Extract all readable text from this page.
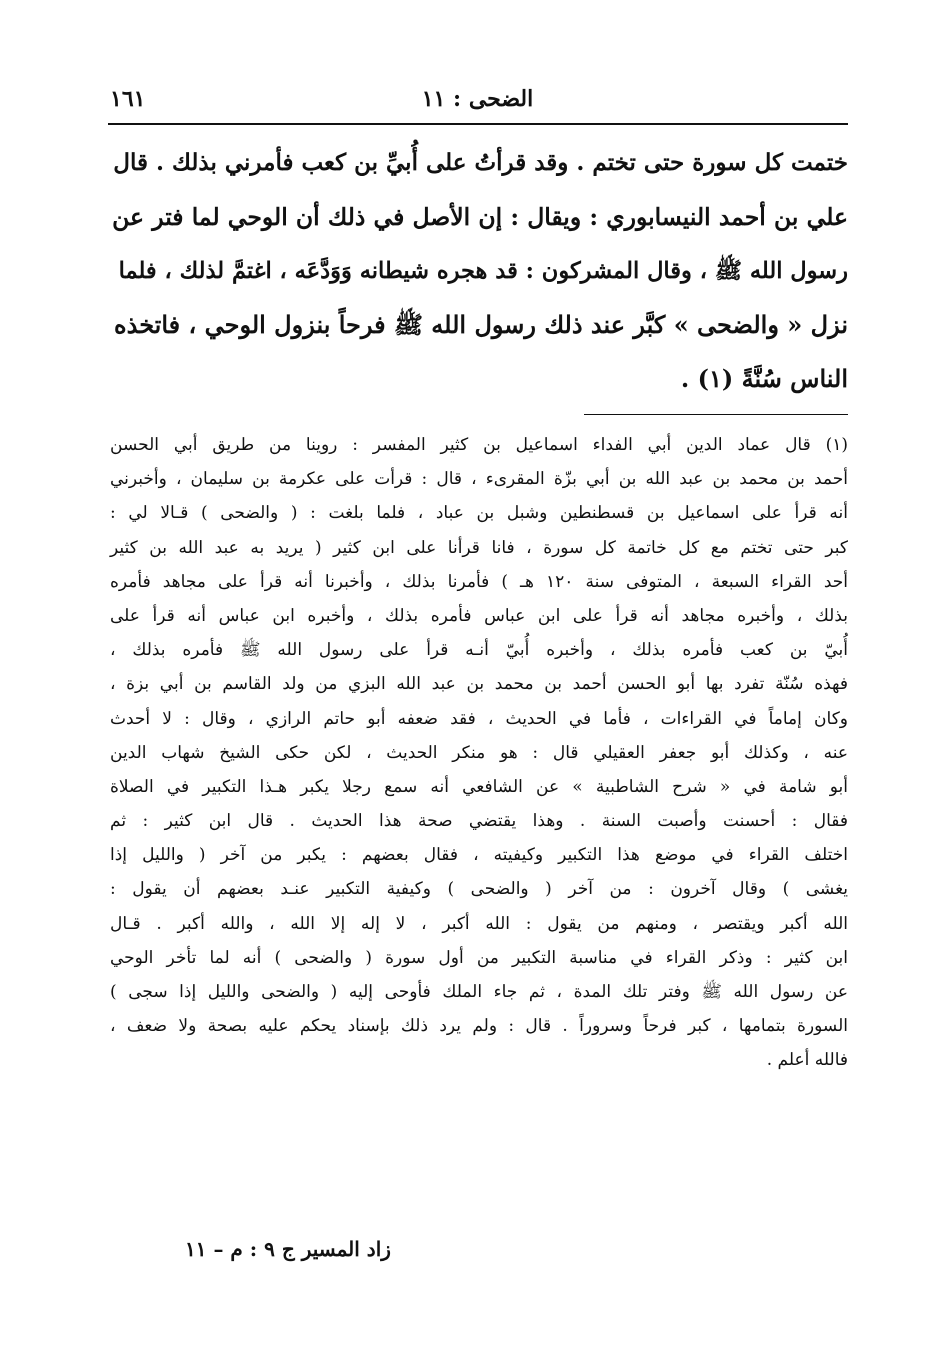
الضحى : ١١
١٦١
ختمت كل سورة حتى تختم . وقد قرأتُ على أُبيِّ بن كعب فأمرني بذلك . قال
علي بن أحمد النيسابوري : ويقال : إن الأصل في ذلك أن الوحي لما فتر عن
رسول الله ﷺ ، وقال المشركون : قد هجره شيطانه وَوَدَّعَه ، اغتمَّ لذلك ، فلما
نزل « والضحى » كبَّر عند ذلك رسول الله ﷺ فرحاً بنزول الوحي ، فاتخذه
الناس سُنَّةً (١) .
(١) قال عماد الدين أبي الفداء اسماعيل بن كثير المفسر : روينا من طريق أبي الحسن
أحمد بن محمد بن عبد الله بن أبي بزّة المقرىء ، قال : قرأت على عكرمة بن سليمان ، وأخبرني
أنه قرأ على اسماعيل بن قسطنطين وشبل بن عباد ، فلما بلغت : ( والضحى ) قـالا لي :
كبر حتى تختم مع كل خاتمة كل سورة ، فانا قرأنا على ابن كثير ( يريد به عبد الله بن كثير
أحد القراء السبعة ، المتوفى سنة ١٢٠ هـ ) فأمرنا بذلك ، وأخبرنا أنه قرأ على مجاهد فأمره
بذلك ، وأخبره مجاهد أنه قرأ على ابن عباس فأمره بذلك ، وأخبره ابن عباس أنه قرأ على
أُبيّ بن كعب فأمره بذلك ، وأخبره أُبيّ أنـه قرأ على رسول الله ﷺ فأمره بذلك ،
فهذه سُنّة تفرد بها أبو الحسن أحمد بن محمد بن عبد الله البزي من ولد القاسم بن أبي بزة ،
وكان إماماً في القراءات ، فأما في الحديث ، فقد ضعفه أبو حاتم الرازي ، وقال : لا أحدث
عنه ، وكذلك أبو جعفر العقيلي قال : هو منكر الحديث ، لكن حكى الشيخ شهاب الدين
أبو شامة في « شرح الشاطبية » عن الشافعي أنه سمع رجلا يكبر هـذا التكبير في الصلاة
فقال : أحسنت وأصبت السنة . وهذا يقتضي صحة هذا الحديث . قال ابن كثير : ثم
اختلف القراء في موضع هذا التكبير وكيفيته ، فقال بعضهم : يكبر من آخر ( والليل إذا
يغشى ) وقال آخرون : من آخر ( والضحى ) وكيفية التكبير عنـد بعضهم أن يقول :
الله أكبر ويقتصر ، ومنهم من يقول : الله أكبر ، لا إله إلا الله ، والله أكبر . قـال
ابن كثير : وذكر القراء في مناسبة التكبير من أول سورة ( والضحى ) أنه لما تأخر الوحي
عن رسول الله ﷺ وفتر تلك المدة ، ثم جاء الملك فأوحى إليه ( والضحى والليل إذا سجى )
السورة بتمامها ، كبر فرحاً وسروراً . قال : ولم يرد ذلك بإسناد يحكم عليه بصحة ولا ضعف ،
فالله أعلم .
زاد المسير ج ٩ : م – ١١
